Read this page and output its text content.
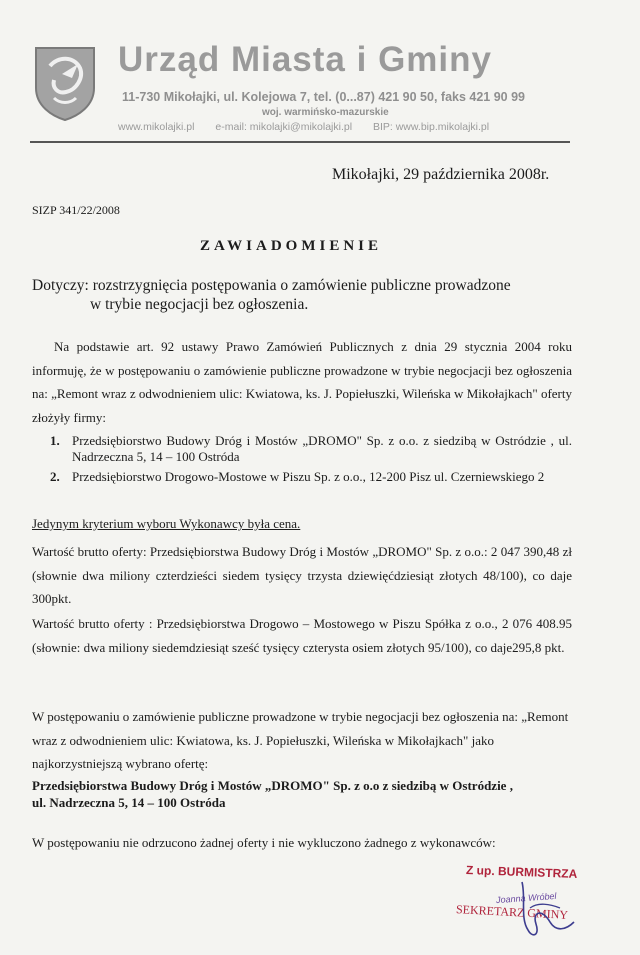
Urząd Miasta i Gminy
11-730 Mikołajki, ul. Kolejowa 7, tel. (0...87) 421 90 50, faks 421 90 99
woj. warmińsko-mazurskie
www.mikolajki.pl e-mail: mikolajki@mikolajki.pl BIP: www.bip.mikolajki.pl
Mikołajki, 29 października 2008r.
SIZP 341/22/2008
ZAWIADOMIENIE
Dotyczy: rozstrzygnięcia postępowania o zamówienie publiczne prowadzone
w trybie negocjacji bez ogłoszenia.
Na podstawie art. 92 ustawy Prawo Zamówień Publicznych z dnia 29 stycznia 2004 roku informuję, że w postępowaniu o zamówienie publiczne prowadzone w trybie negocjacji bez ogłoszenia na: „Remont wraz z odwodnieniem ulic: Kwiatowa, ks. J. Popiełuszki, Wileńska w Mikołajkach" oferty złożyły firmy:
1. Przedsiębiorstwo Budowy Dróg i Mostów „DROMO" Sp. z o.o. z siedzibą w Ostródzie , ul. Nadrzeczna 5, 14 – 100 Ostróda
2. Przedsiębiorstwo Drogowo-Mostowe w Piszu Sp. z o.o., 12-200 Pisz ul. Czerniewskiego 2
Jedynym kryterium wyboru Wykonawcy była cena.
Wartość brutto oferty: Przedsiębiorstwa Budowy Dróg i Mostów „DROMO" Sp. z o.o.: 2 047 390,48 zł (słownie dwa miliony czterdzieści siedem tysięcy trzysta dziewięćdziesiąt złotych 48/100), co daje 300pkt.
Wartość brutto oferty : Przedsiębiorstwa Drogowo – Mostowego w Piszu Spółka z o.o., 2 076 408.95 (słownie: dwa miliony siedemdziesiąt sześć tysięcy czterysta osiem złotych 95/100), co daje295,8 pkt.
W postępowaniu o zamówienie publiczne prowadzone w trybie negocjacji bez ogłoszenia na: „Remont wraz z odwodnieniem ulic: Kwiatowa, ks. J. Popiełuszki, Wileńska w Mikołajkach" jako najkorzystniejszą wybrano ofertę:
Przedsiębiorstwa Budowy Dróg i Mostów „DROMO" Sp. z o.o z siedzibą w Ostródzie ,
ul. Nadrzeczna 5, 14 – 100 Ostróda
W postępowaniu nie odrzucono żadnej oferty i nie wykluczono żadnego z wykonawców:
Z up. BURMISTRZA
Joanna Wróbel
SEKRETARZ GMINY
